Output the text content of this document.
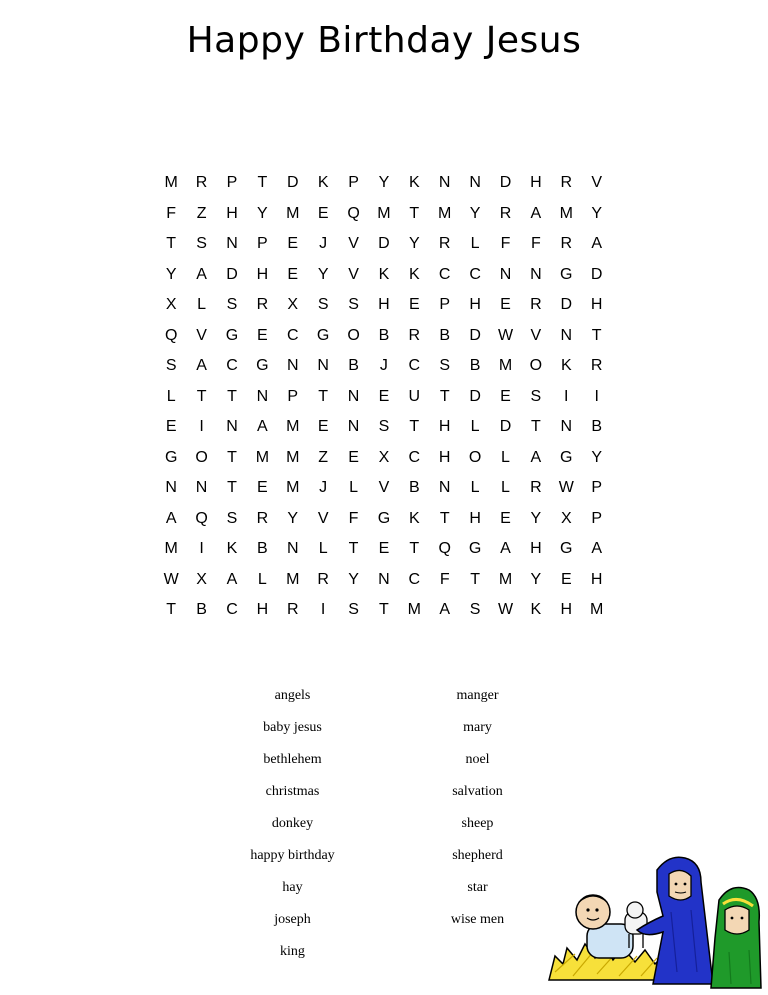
Happy Birthday Jesus
M	R	P	T	D	K	P	Y	K	N	N	D	H	R	V
F	Z	H	Y	M	E	Q	M	T	M	Y	R	A	M	Y
T	S	N	P	E	J	V	D	Y	R	L	F	F	R	A
Y	A	D	H	E	Y	V	K	K	C	C	N	N	G	D
X	L	S	R	X	S	S	H	E	P	H	E	R	D	H
Q	V	G	E	C	G	O	B	R	B	D	W	V	N	T
S	A	C	G	N	N	B	J	C	S	B	M	O	K	R
L	T	T	N	P	T	N	E	U	T	D	E	S	I	I
E	I	N	A	M	E	N	S	T	H	L	D	T	N	B
G	O	T	M	M	Z	E	X	C	H	O	L	A	G	Y
N	N	T	E	M	J	L	V	B	N	L	L	R	W	P
A	Q	S	R	Y	V	F	G	K	T	H	E	Y	X	P
M	I	K	B	N	L	T	E	T	Q	G	A	H	G	A
W	X	A	L	M	R	Y	N	C	F	T	M	Y	E	H
T	B	C	H	R	I	S	T	M	A	S	W	K	H	M
angels
baby jesus
bethlehem
christmas
donkey
happy birthday
hay
joseph
king
manger
mary
noel
salvation
sheep
shepherd
star
wise men
